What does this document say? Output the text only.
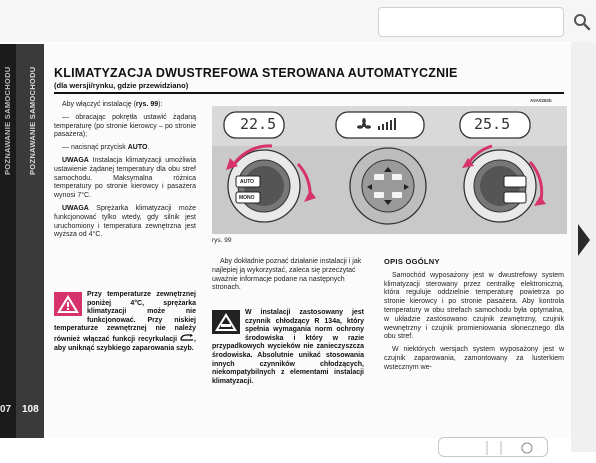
POZNAWANIE SAMOCHODU POZNAWANIE SAMOCHODU
07 108
KLIMATYZACJA DWUSTREFOWA STEROWANA AUTOMATYCZNIE
(dla wersji/rynku, gdzie przewidziano)

Aby włączyć instalację (rys. 99):

— obracając pokrętła ustawić żądaną temperaturę (po stronie kierowcy – po stronie pasażera);

— nacisnąć przycisk AUTO.

UWAGA Instalacja klimatyzacji umożliwia ustawienie żądanej temperatury dla obu stref samochodu. Maksymalna różnica temperatury po stronie kierowcy i pasażera wynosi 7°C.

UWAGA Sprężarka klimatyzacji może funkcjonować tylko wtedy, gdy silnik jest uruchomiony i temperatura zewnętrzna jest wyższa od 4°C.

Przy temperaturze zewnętrznej poniżej 4°C, sprężarka klimatyzacji może nie funkcjonować. Przy niskiej temperaturze zewnętrznej nie należy również włączać funkcji recyrkulacji , aby uniknąć szybkiego zaparowania szyb.
A0A0282b
22.5	25.5
AUTO
MONO
rys. 99

Aby dokładnie poznać działanie instalacji i jak najlepiej ją wykorzystać, zaleca się przeczytać uważnie informacje podane na następnych stronach.

W instalacji zastosowany jest czynnik chłodzący R 134a, który spełnia wymagania norm ochrony środowiska i który w razie przypadkowych wycieków nie zanieczyszcza środowiska. Absolutnie unikać stosowania innych czynników chłodzących, niekompatybilnych z elementami instalacji klimatyzacji.
OPIS OGÓLNY

Samochód wyposażony jest w dwustrefowy system klimatyzacji sterowany przez centralkę elektroniczną, która reguluje oddzielnie temperaturę powietrza po stronie kierowcy i po stronie pasażera. Aby kontrola temperatury w obu strefach samochodu była optymalna, w układzie zastosowano czujnik zewnętrzny, czujnik wewnętrzny i czujnik promieniowania słonecznego dla obu stref.

W niektórych wersjach system wyposażony jest w czujnik zaparowania, zamontowany za lusterkiem wstecznym we-
